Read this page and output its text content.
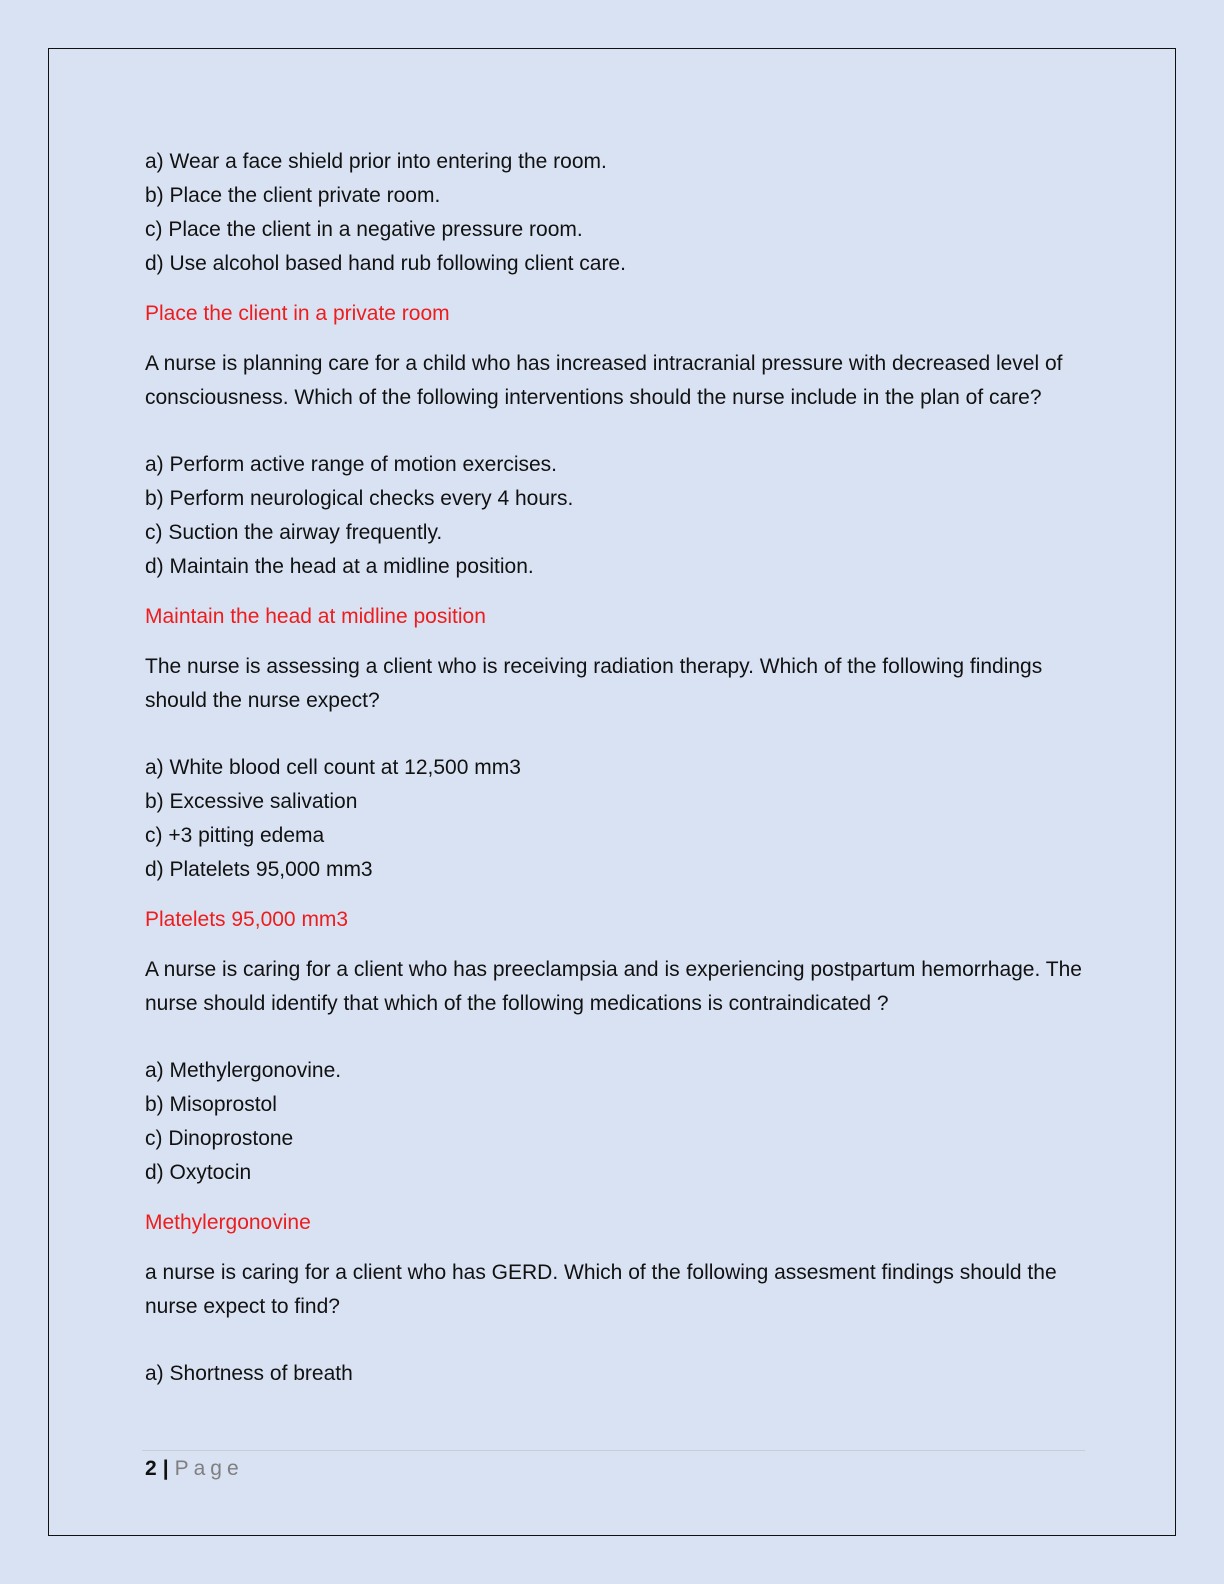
a) Wear a face shield prior into entering the room.

b) Place the client private room.

c) Place the client in a negative pressure room.

d) Use alcohol based hand rub following client care.

Place the client in a private room

A nurse is planning care for a child who has increased intracranial pressure with decreased level of consciousness. Which of the following interventions should the nurse include in the plan of care?

a) Perform active range of motion exercises.

b) Perform neurological checks every 4 hours.

c) Suction the airway frequently.

d) Maintain the head at a midline position.

Maintain the head at midline position

The nurse is assessing a client who is receiving radiation therapy. Which of the following findings should the nurse expect?

a) White blood cell count at 12,500 mm3

b) Excessive salivation

c) +3 pitting edema

d) Platelets 95,000 mm3

Platelets 95,000 mm3

A nurse is caring for a client who has preeclampsia and is experiencing postpartum hemorrhage. The nurse should identify that which of the following medications is contraindicated ?

a) Methylergonovine.

b) Misoprostol

c) Dinoprostone

d) Oxytocin

Methylergonovine

a nurse is caring for a client who has GERD. Which of the following assesment findings should the nurse expect to find?

a) Shortness of breath

2 | Page
